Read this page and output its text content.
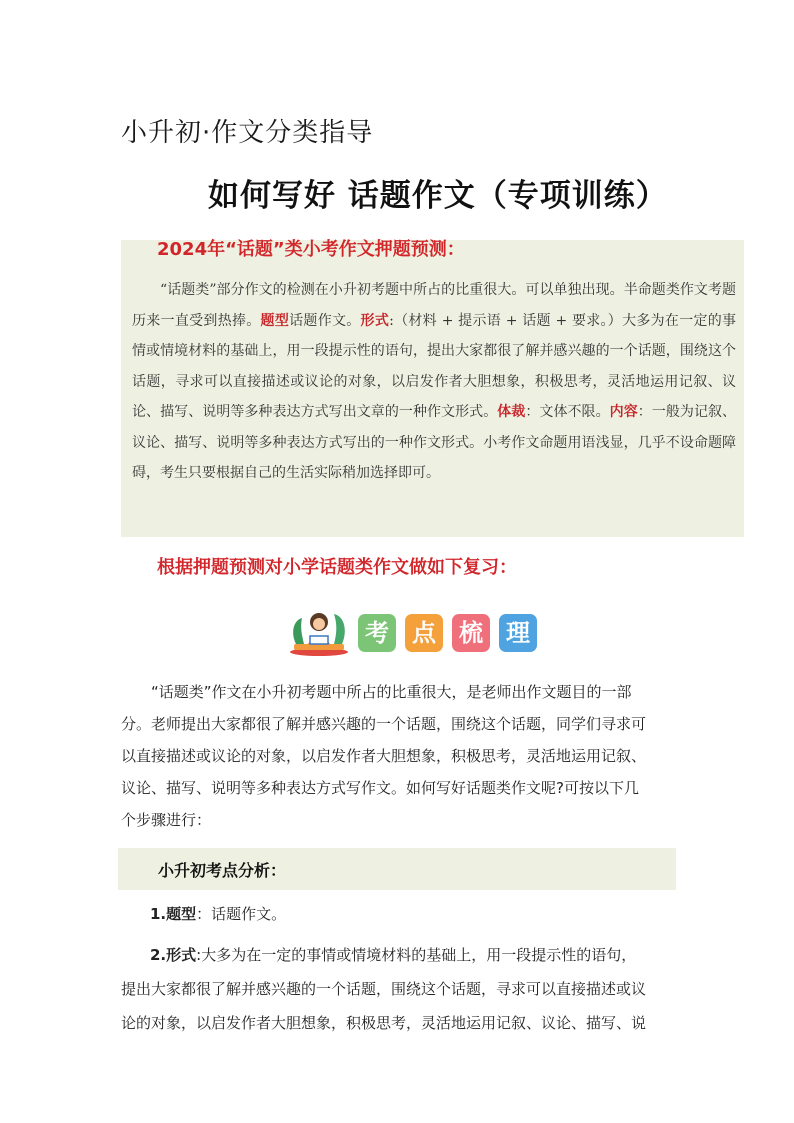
小升初·作文分类指导
如何写好 话题作文（专项训练）
2024年“话题”类小考作文押题预测：

“话题类”部分作文的检测在小升初考题中所占的比重很大。可以单独出现。半命题类作文考题历来一直受到热捧。题型话题作文。形式:（材料 + 提示语 + 话题 + 要求。）大多为在一定的事情或情境材料的基础上，用一段提示性的语句，提出大家都很了解并感兴趣的一个话题，围绕这个话题，寻求可以直接描述或议论的对象，以启发作者大胆想象，积极思考，灵活地运用记叙、议论、描写、说明等多种表达方式写出文章的一种作文形式。体裁：文体不限。内容：一般为记叙、议论、描写、说明等多种表达方式写出的一种作文形式。小考作文命题用语浅显，几乎不设命题障碍，考生只要根据自己的生活实际稍加选择即可。

根据押题预测对小学话题类作文做如下复习：
考 点 梳 理
“话题类”作文在小升初考题中所占的比重很大，是老师出作文题目的一部
分。老师提出大家都很了解并感兴趣的一个话题，围绕这个话题，同学们寻求可
以直接描述或议论的对象，以启发作者大胆想象，积极思考，灵活地运用记叙、
议论、描写、说明等多种表达方式写作文。如何写好话题类作文呢?可按以下几
个步骤进行：
小升初考点分析：
1.题型：话题作文。
2.形式:大多为在一定的事情或情境材料的基础上，用一段提示性的语句，
提出大家都很了解并感兴趣的一个话题，围绕这个话题，寻求可以直接描述或议
论的对象，以启发作者大胆想象，积极思考，灵活地运用记叙、议论、描写、说
